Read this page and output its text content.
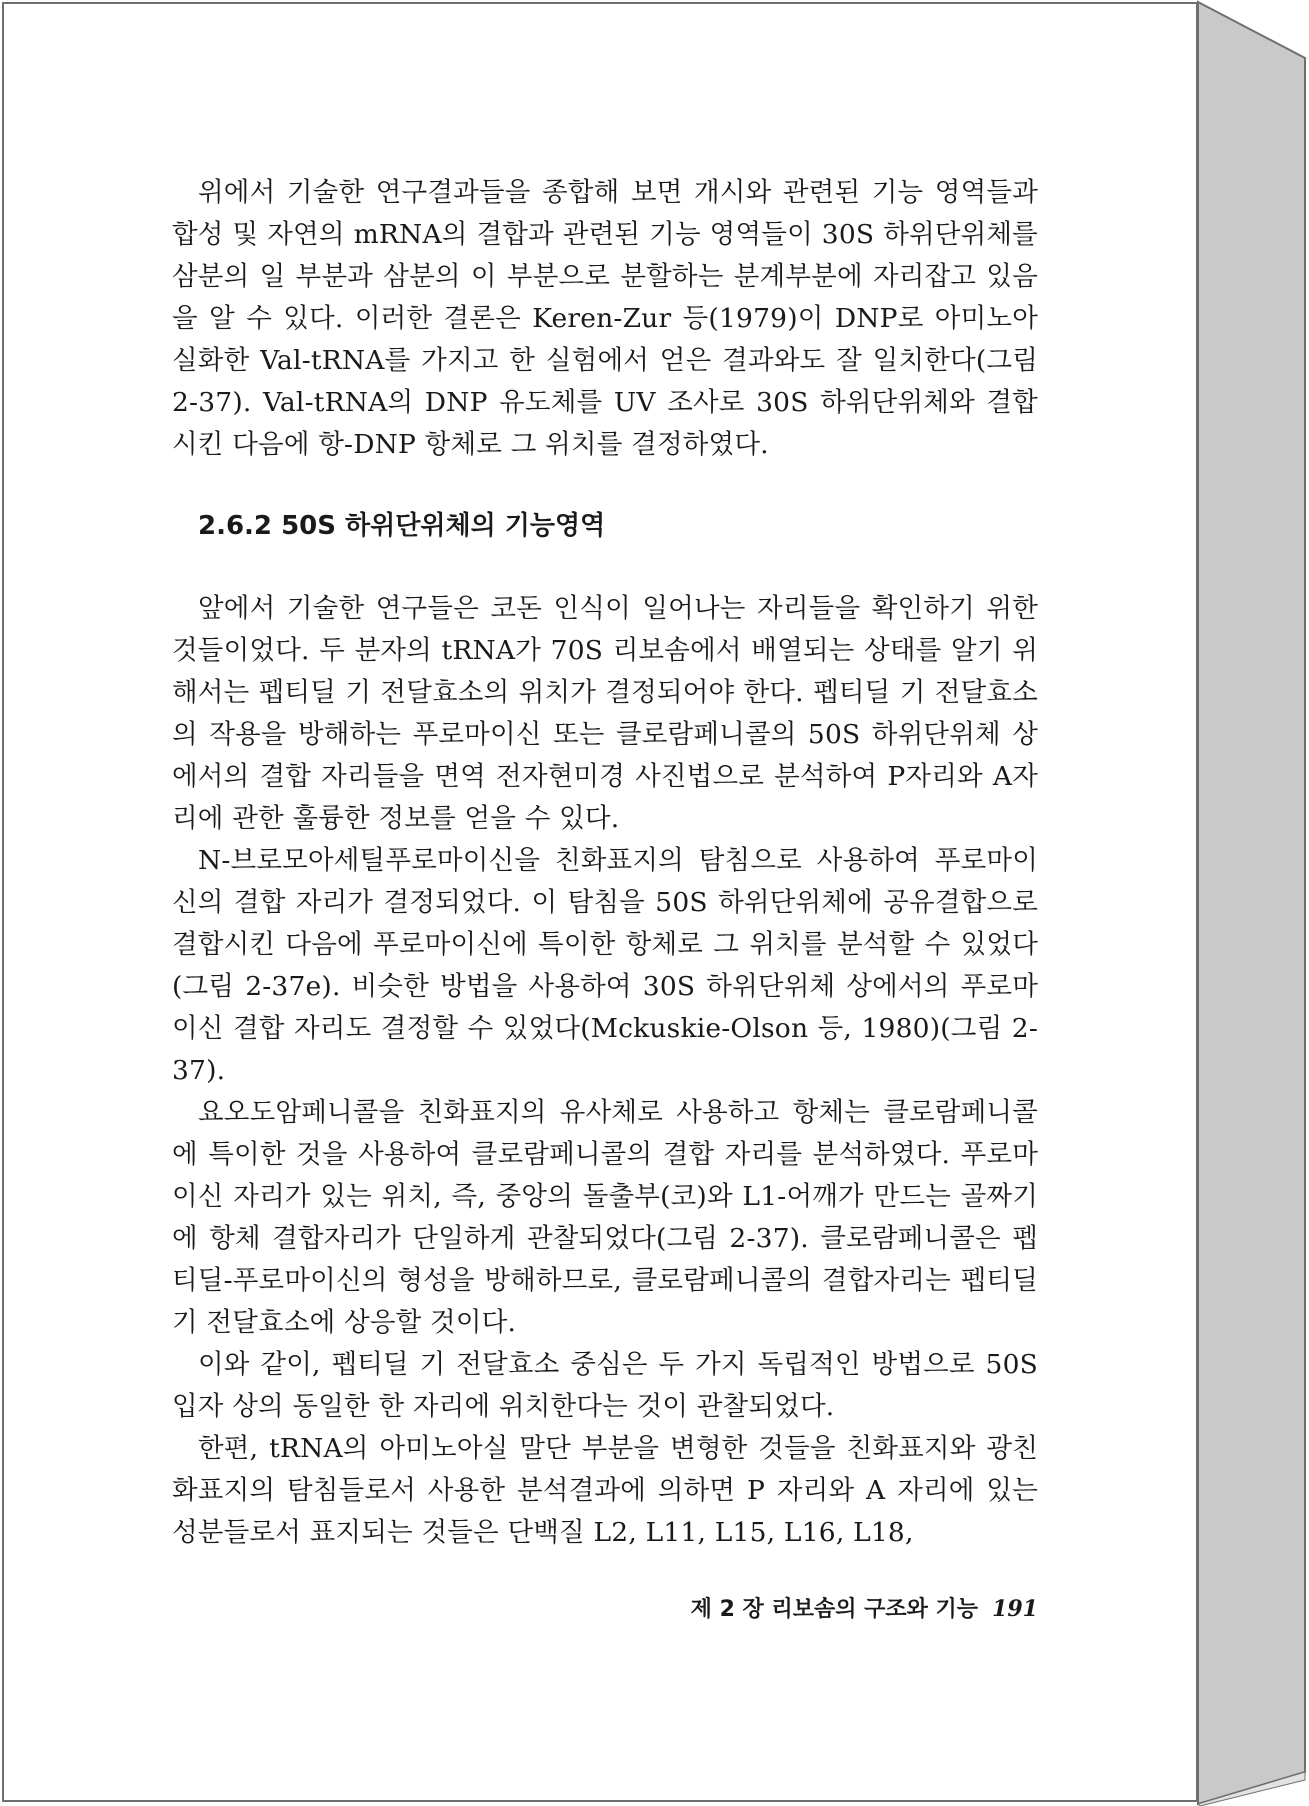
위에서 기술한 연구결과들을 종합해 보면 개시와 관련된 기능 영역들과 합성 및 자연의 mRNA의 결합과 관련된 기능 영역들이 30S 하위단위체를 삼분의 일 부분과 삼분의 이 부분으로 분할하는 분계부분에 자리잡고 있음을 알 수 있다. 이러한 결론은 Keren-Zur 등(1979)이 DNP로 아미노아실화한 Val-tRNA를 가지고 한 실험에서 얻은 결과와도 잘 일치한다(그림 2-37). Val-tRNA의 DNP 유도체를 UV 조사로 30S 하위단위체와 결합시킨 다음에 항-DNP 항체로 그 위치를 결정하였다.

2.6.2 50S 하위단위체의 기능영역

앞에서 기술한 연구들은 코돈 인식이 일어나는 자리들을 확인하기 위한 것들이었다. 두 분자의 tRNA가 70S 리보솜에서 배열되는 상태를 알기 위해서는 펩티딜 기 전달효소의 위치가 결정되어야 한다. 펩티딜 기 전달효소의 작용을 방해하는 푸로마이신 또는 클로람페니콜의 50S 하위단위체 상에서의 결합 자리들을 면역 전자현미경 사진법으로 분석하여 P자리와 A자리에 관한 훌륭한 정보를 얻을 수 있다.

N-브로모아세틸푸로마이신을 친화표지의 탐침으로 사용하여 푸로마이신의 결합 자리가 결정되었다. 이 탐침을 50S 하위단위체에 공유결합으로 결합시킨 다음에 푸로마이신에 특이한 항체로 그 위치를 분석할 수 있었다(그림 2-37e). 비슷한 방법을 사용하여 30S 하위단위체 상에서의 푸로마이신 결합 자리도 결정할 수 있었다(Mckuskie-Olson 등, 1980)(그림 2-37).

요오도암페니콜을 친화표지의 유사체로 사용하고 항체는 클로람페니콜에 특이한 것을 사용하여 클로람페니콜의 결합 자리를 분석하였다. 푸로마이신 자리가 있는 위치, 즉, 중앙의 돌출부(코)와 L1-어깨가 만드는 골짜기에 항체 결합자리가 단일하게 관찰되었다(그림 2-37). 클로람페니콜은 펩티딜-푸로마이신의 형성을 방해하므로, 클로람페니콜의 결합자리는 펩티딜 기 전달효소에 상응할 것이다.

이와 같이, 펩티딜 기 전달효소 중심은 두 가지 독립적인 방법으로 50S 입자 상의 동일한 한 자리에 위치한다는 것이 관찰되었다.

한편, tRNA의 아미노아실 말단 부분을 변형한 것들을 친화표지와 광친화표지의 탐침들로서 사용한 분석결과에 의하면 P 자리와 A 자리에 있는 성분들로서 표지되는 것들은 단백질 L2, L11, L15, L16, L18,

제 2 장 리보솜의 구조와 기능 191
